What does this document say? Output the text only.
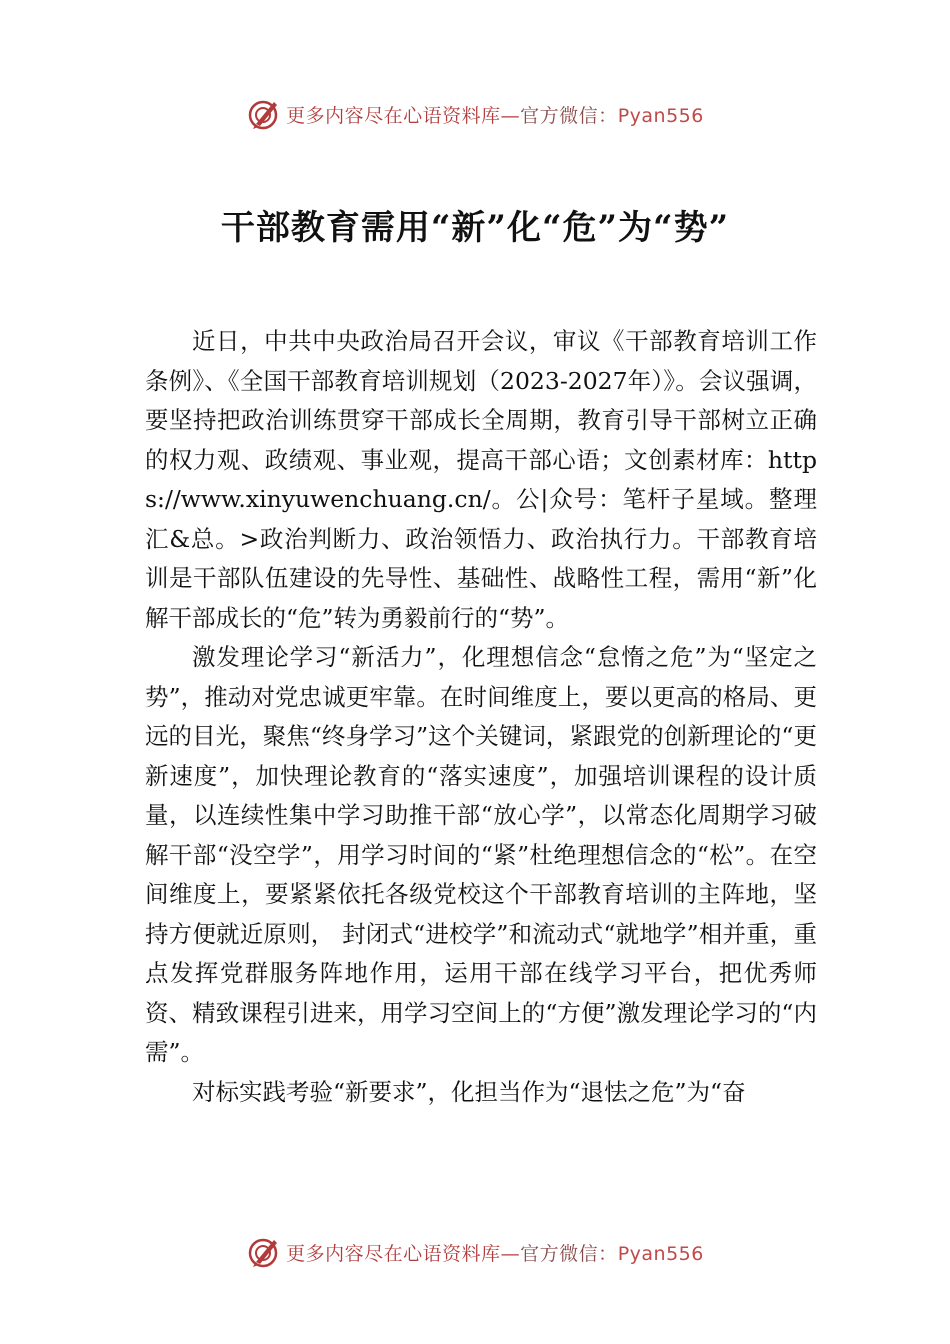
更多内容尽在心语资料库—官方微信：Pyan556
干部教育需用“新”化“危”为“势”

近日，中共中央政治局召开会议，审议《干部教育培训工作条例》、《全国干部教育培训规划（2023-2027年）》。会议强调，要坚持把政治训练贯穿干部成长全周期，教育引导干部树立正确的权力观、政绩观、事业观，提高干部心语；文创素材库：https://www.xinyuwenchuang.cn/。公|众号：笔杆子星域。整理汇&总。>政治判断力、政治领悟力、政治执行力。干部教育培训是干部队伍建设的先导性、基础性、战略性工程，需用“新”化解干部成长的“危”转为勇毅前行的“势”。

激发理论学习“新活力”，化理想信念“怠惰之危”为“坚定之势”，推动对党忠诚更牢靠。在时间维度上，要以更高的格局、更远的目光，聚焦“终身学习”这个关键词，紧跟党的创新理论的“更新速度”，加快理论教育的“落实速度”，加强培训课程的设计质量，以连续性集中学习助推干部“放心学”，以常态化周期学习破解干部“没空学”，用学习时间的“紧”杜绝理想信念的“松”。在空间维度上，要紧紧依托各级党校这个干部教育培训的主阵地，坚持方便就近原则， 封闭式“进校学”和流动式“就地学”相并重，重点发挥党群服务阵地作用，运用干部在线学习平台，把优秀师资、精致课程引进来，用学习空间上的“方便”激发理论学习的“内需”。

对标实践考验“新要求”，化担当作为“退怯之危”为“奋

更多内容尽在心语资料库—官方微信：Pyan556
